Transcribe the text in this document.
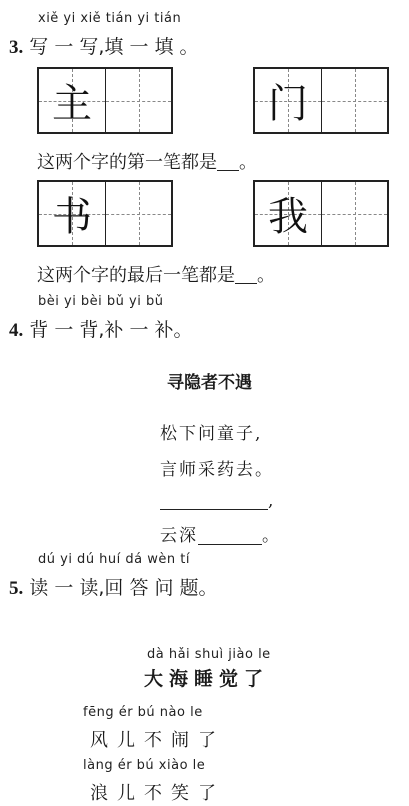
xiě yi xiě tián yi tián
3. 写 一 写,填 一 填 。
主	门
这两个字的第一笔都是 。
书	我
这两个字的最后一笔都是 。
bèi yi bèi bǔ yi bǔ
4. 背 一 背,补 一 补。
寻隐者不遇
松下问童子,
言师采药去。
,
云深	。
dú yi dú huí dá wèn tí
5. 读 一 读,回 答 问 题。
dà hǎi shuì jiào le
大海睡觉了
fēng ér bú nào le
风儿不闹了
làng ér bú xiào le
浪儿不笑了
